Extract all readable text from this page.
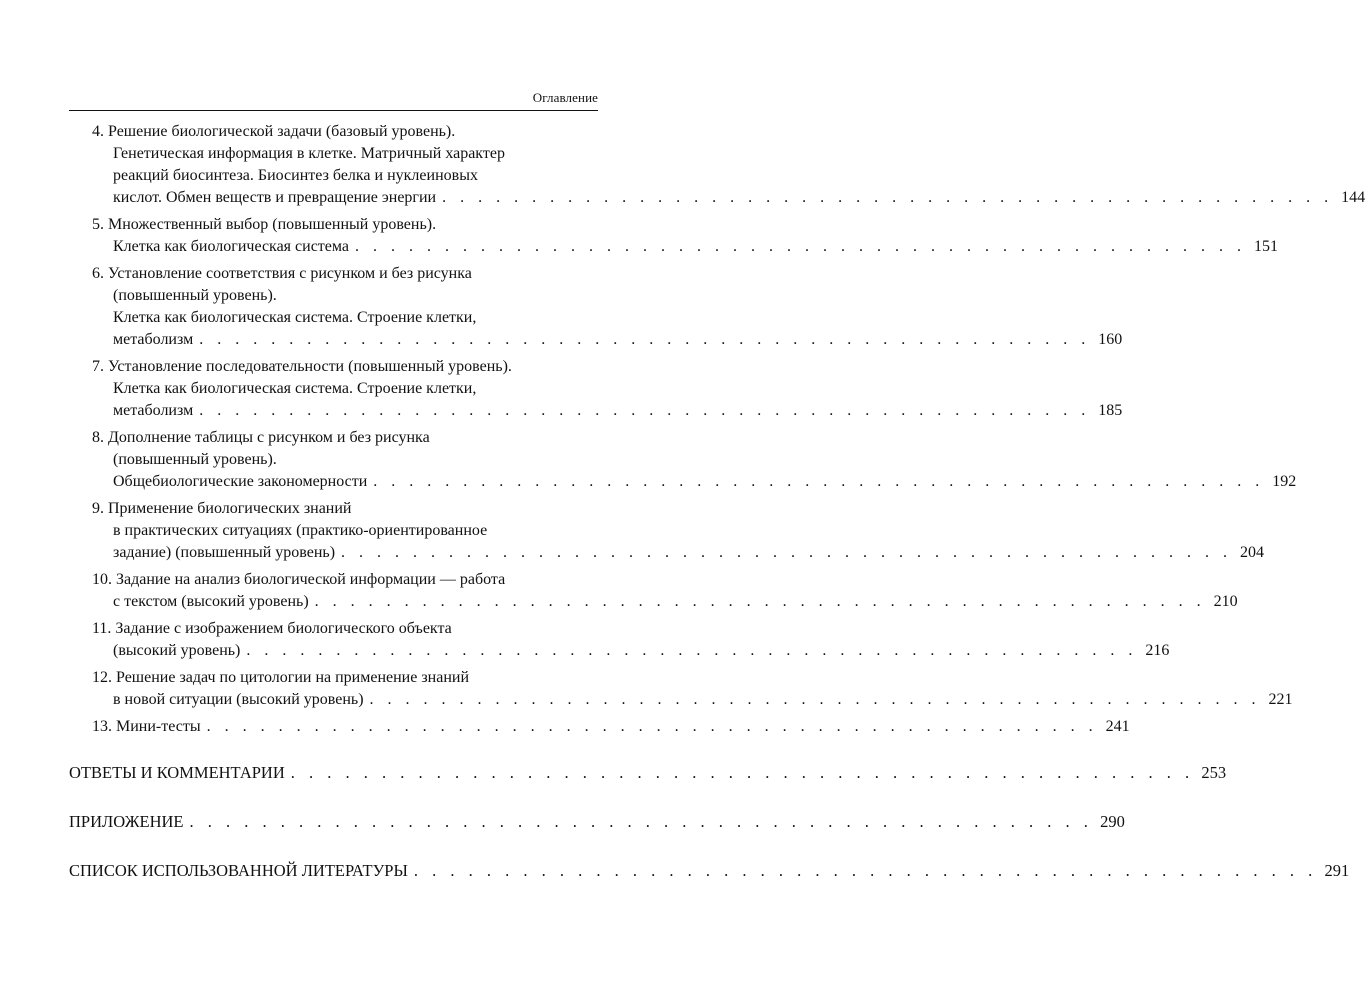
Оглавление
4. Решение биологической задачи (базовый уровень).
Генетическая информация в клетке. Матричный характер
реакций биосинтеза. Биосинтез белка и нуклеиновых
кислот. Обмен веществ и превращение энергии . . . . . . . . . . . . . . . . . . . . . . . . . . . . . . . . . . . . . . . . . . . . . . . . . . 144
5. Множественный выбор (повышенный уровень).
Клетка как биологическая система . . . . . . . . . . . . . . . . . . . . . . . . . . . . . . . . . . . . . . . . . . . . . . . . . . 151
6. Установление соответствия с рисунком и без рисунка
(повышенный уровень).
Клетка как биологическая система. Строение клетки,
метаболизм . . . . . . . . . . . . . . . . . . . . . . . . . . . . . . . . . . . . . . . . . . . . . . . . . . 160
7. Установление последовательности (повышенный уровень).
Клетка как биологическая система. Строение клетки,
метаболизм . . . . . . . . . . . . . . . . . . . . . . . . . . . . . . . . . . . . . . . . . . . . . . . . . . 185
8. Дополнение таблицы с рисунком и без рисунка
(повышенный уровень).
Общебиологические закономерности . . . . . . . . . . . . . . . . . . . . . . . . . . . . . . . . . . . . . . . . . . . . . . . . . . 192
9. Применение биологических знаний
в практических ситуациях (практико-ориентированное
задание) (повышенный уровень) . . . . . . . . . . . . . . . . . . . . . . . . . . . . . . . . . . . . . . . . . . . . . . . . . . 204
10. Задание на анализ биологической информации — работа
с текстом (высокий уровень) . . . . . . . . . . . . . . . . . . . . . . . . . . . . . . . . . . . . . . . . . . . . . . . . . . 210
11. Задание с изображением биологического объекта
(высокий уровень) . . . . . . . . . . . . . . . . . . . . . . . . . . . . . . . . . . . . . . . . . . . . . . . . . . 216
12. Решение задач по цитологии на применение знаний
в новой ситуации (высокий уровень) . . . . . . . . . . . . . . . . . . . . . . . . . . . . . . . . . . . . . . . . . . . . . . . . . . 221
13. Мини-тесты . . . . . . . . . . . . . . . . . . . . . . . . . . . . . . . . . . . . . . . . . . . . . . . . . . 241
ОТВЕТЫ И КОММЕНТАРИИ . . . . . . . . . . . . . . . . . . . . . . . . . . . . . . . . . . . . . . . . . . . . . . . . . . 253
ПРИЛОЖЕНИЕ . . . . . . . . . . . . . . . . . . . . . . . . . . . . . . . . . . . . . . . . . . . . . . . . . . 290
СПИСОК ИСПОЛЬЗОВАННОЙ ЛИТЕРАТУРЫ . . . . . . . . . . . . . . . . . . . . . . . . . . . . . . . . . . . . . . . . . . . . . . . . . . 291
